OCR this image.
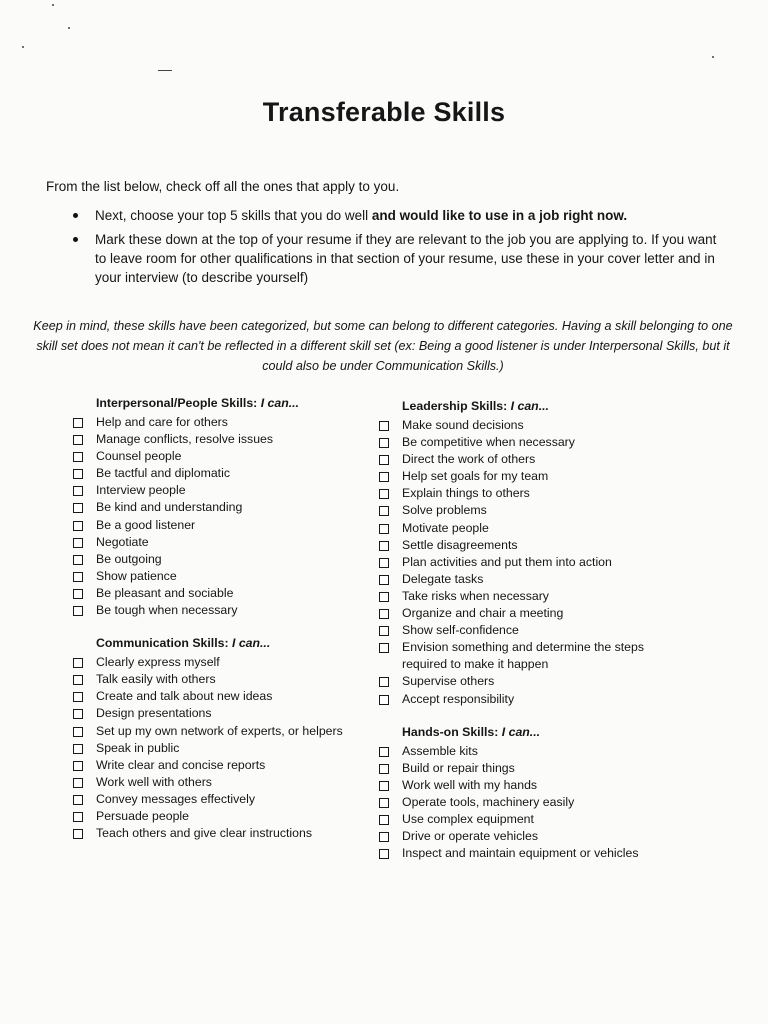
Transferable Skills
From the list below, check off all the ones that apply to you.
Next, choose your top 5 skills that you do well and would like to use in a job right now.
Mark these down at the top of your resume if they are relevant to the job you are applying to. If you want to leave room for other qualifications in that section of your resume, use these in your cover letter and in your interview (to describe yourself)
Keep in mind, these skills have been categorized, but some can belong to different categories. Having a skill belonging to one skill set does not mean it can't be reflected in a different skill set (ex: Being a good listener is under Interpersonal Skills, but it could also be under Communication Skills.)
Interpersonal/People Skills: I can...
Help and care for others
Manage conflicts, resolve issues
Counsel people
Be tactful and diplomatic
Interview people
Be kind and understanding
Be a good listener
Negotiate
Be outgoing
Show patience
Be pleasant and sociable
Be tough when necessary
Communication Skills: I can...
Clearly express myself
Talk easily with others
Create and talk about new ideas
Design presentations
Set up my own network of experts, or helpers
Speak in public
Write clear and concise reports
Work well with others
Convey messages effectively
Persuade people
Teach others and give clear instructions
Leadership Skills: I can...
Make sound decisions
Be competitive when necessary
Direct the work of others
Help set goals for my team
Explain things to others
Solve problems
Motivate people
Settle disagreements
Plan activities and put them into action
Delegate tasks
Take risks when necessary
Organize and chair a meeting
Show self-confidence
Envision something and determine the steps required to make it happen
Supervise others
Accept responsibility
Hands-on Skills: I can...
Assemble kits
Build or repair things
Work well with my hands
Operate tools, machinery easily
Use complex equipment
Drive or operate vehicles
Inspect and maintain equipment or vehicles
